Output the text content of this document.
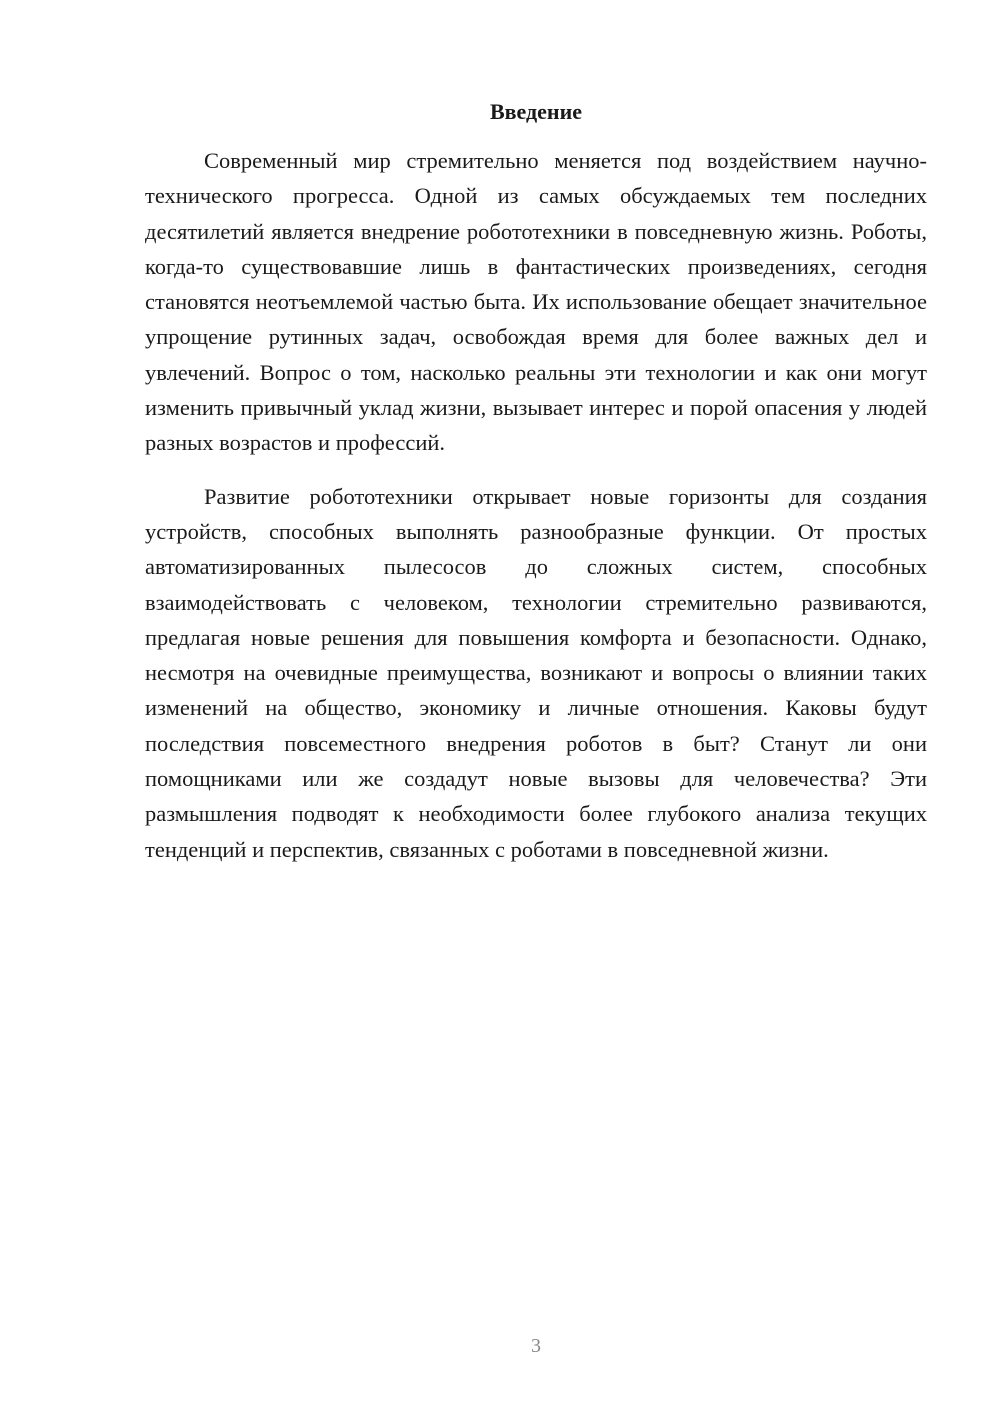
Введение

Современный мир стремительно меняется под воздействием научно-технического прогресса. Одной из самых обсуждаемых тем последних десятилетий является внедрение робототехники в повседневную жизнь. Роботы, когда-то существовавшие лишь в фантастических произведениях, сегодня становятся неотъемлемой частью быта. Их использование обещает значительное упрощение рутинных задач, освобождая время для более важных дел и увлечений. Вопрос о том, насколько реальны эти технологии и как они могут изменить привычный уклад жизни, вызывает интерес и порой опасения у людей разных возрастов и профессий.

Развитие робототехники открывает новые горизонты для создания устройств, способных выполнять разнообразные функции. От простых автоматизированных пылесосов до сложных систем, способных взаимодействовать с человеком, технологии стремительно развиваются, предлагая новые решения для повышения комфорта и безопасности. Однако, несмотря на очевидные преимущества, возникают и вопросы о влиянии таких изменений на общество, экономику и личные отношения. Каковы будут последствия повсеместного внедрения роботов в быт? Станут ли они помощниками или же создадут новые вызовы для человечества? Эти размышления подводят к необходимости более глубокого анализа текущих тенденций и перспектив, связанных с роботами в повседневной жизни.

3
